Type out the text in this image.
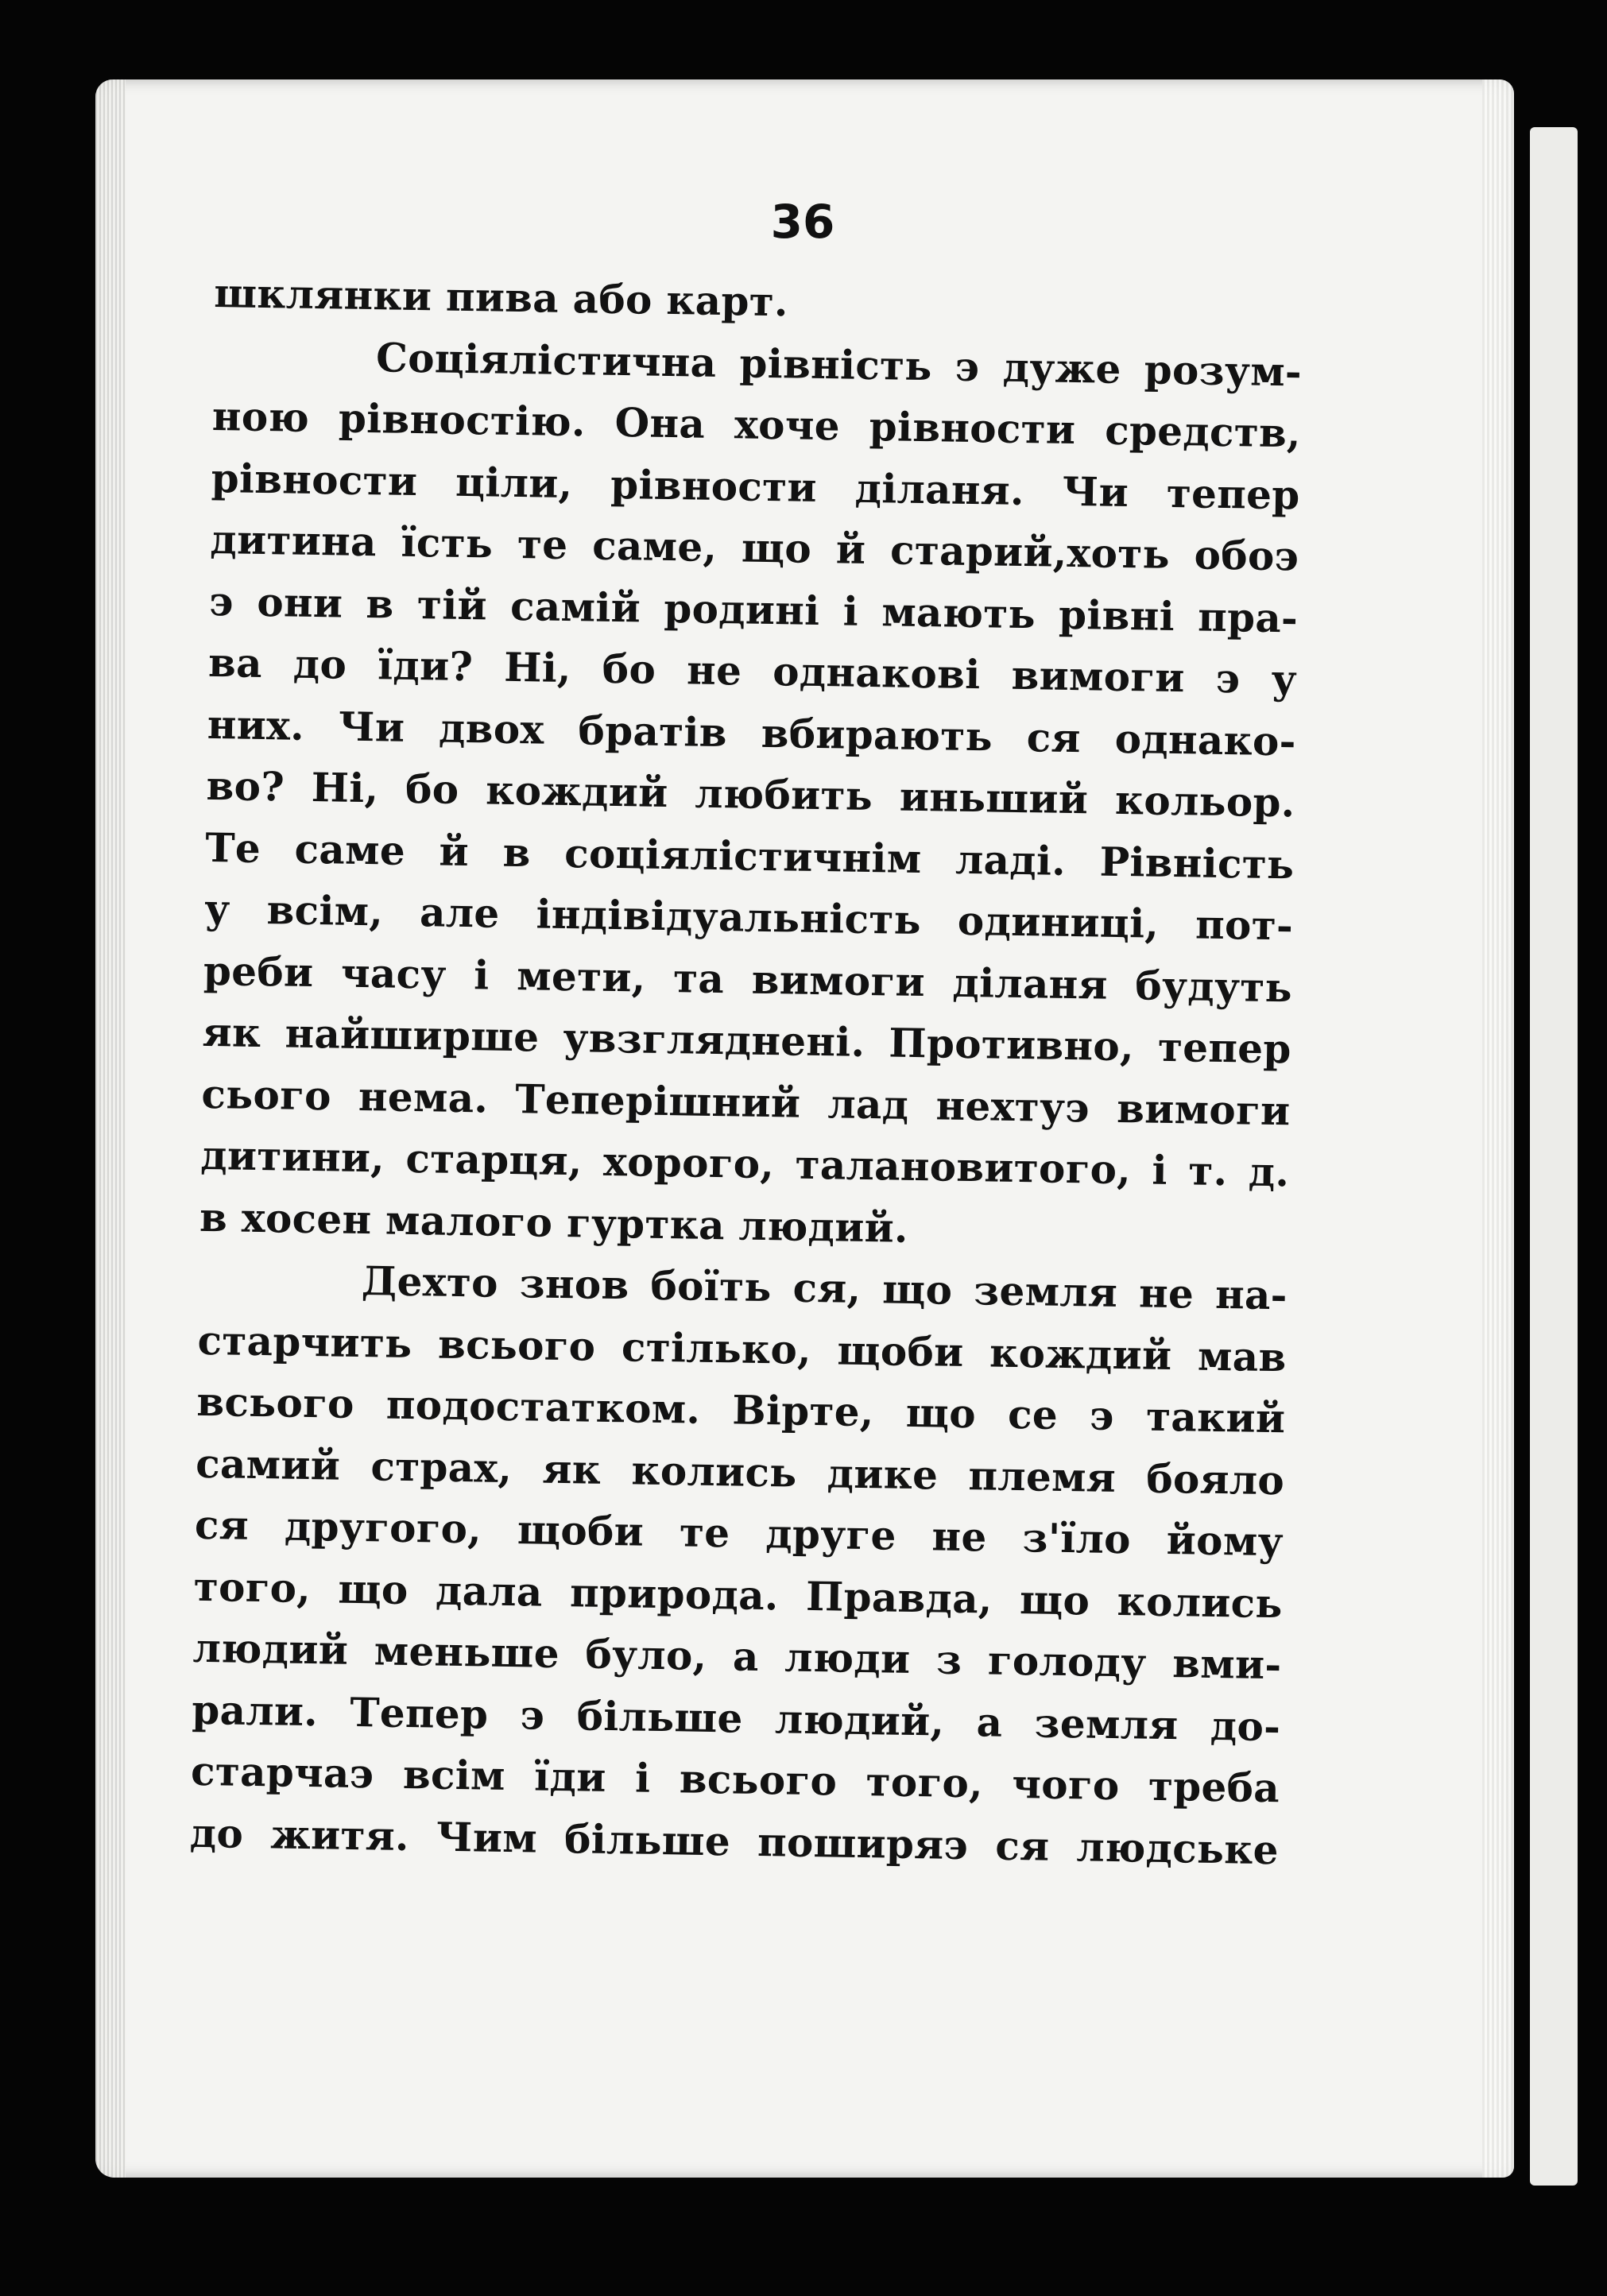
36
шклянки пива або карт.
Соціялістична рівність э дуже розум-
ною рівностію. Она хоче рівности средств,
рівности ціли, рівности діланя. Чи тепер
дитина їсть те саме, що й старий,хоть обоэ
э они в тій самій родині і мають рівні пра-
ва до їди? Ні, бо не однакові вимоги э у
них. Чи двох братів вбирають ся однако-
во? Ні, бо кождий любить иньший кольор.
Те саме й в соціялістичнім ладі. Рівність
у всім, але індівідуальність одиниці, пот-
реби часу і мети, та вимоги діланя будуть
як найширше увзгляднені. Противно, тепер
сього нема. Теперішний лад нехтуэ вимоги
дитини, старця, хорого, талановитого, і т. д.
в хосен малого гуртка людий.
Дехто знов боїть ся, що земля не на-
старчить всього стілько, щоби кождий мав
всього подостатком. Вірте, що се э такий
самий страх, як колись дике племя бояло
ся другого, щоби те друге не з'їло йому
того, що дала природа. Правда, що колись
людий меньше було, а люди з голоду вми-
рали. Тепер э більше людий, а земля до-
старчаэ всім їди і всього того, чого треба
до житя. Чим більше поширяэ ся людське
